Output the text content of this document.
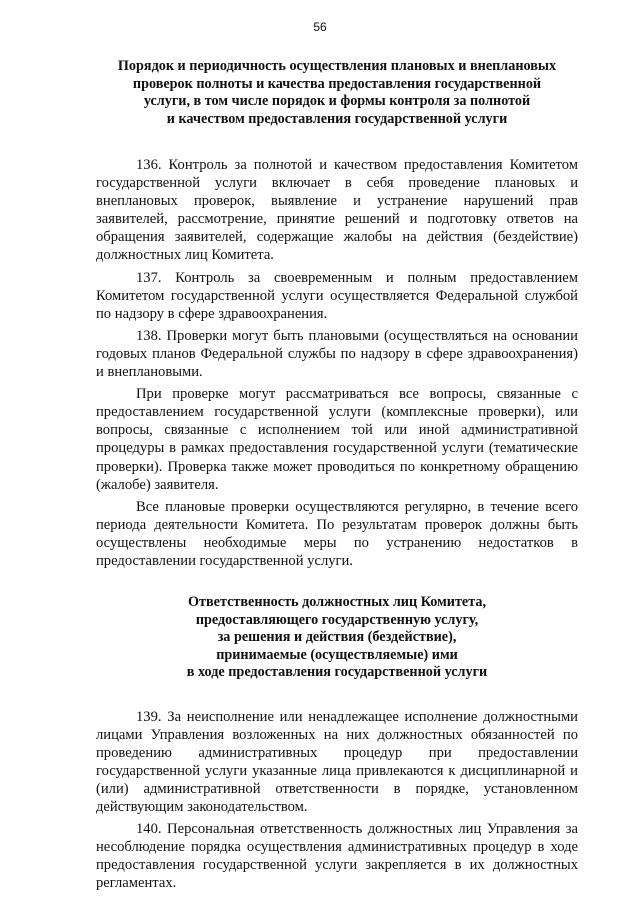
56
Порядок и периодичность осуществления плановых и внеплановых
проверок полноты и качества предоставления государственной
услуги, в том числе порядок и формы контроля за полнотой
и качеством предоставления государственной услуги

136. Контроль за полнотой и качеством предоставления Комитетом государственной услуги включает в себя проведение плановых и внеплановых проверок, выявление и устранение нарушений прав заявителей, рассмотрение, принятие решений и подготовку ответов на обращения заявителей, содержащие жалобы на действия (бездействие) должностных лиц Комитета.

137. Контроль за своевременным и полным предоставлением Комитетом государственной услуги осуществляется Федеральной службой по надзору в сфере здравоохранения.

138. Проверки могут быть плановыми (осуществляться на основании годовых планов Федеральной службы по надзору в сфере здравоохранения) и внеплановыми.

При проверке могут рассматриваться все вопросы, связанные с предоставлением государственной услуги (комплексные проверки), или вопросы, связанные с исполнением той или иной административной процедуры в рамках предоставления государственной услуги (тематические проверки). Проверка также может проводиться по конкретному обращению (жалобе) заявителя.

Все плановые проверки осуществляются регулярно, в течение всего периода деятельности Комитета. По результатам проверок должны быть осуществлены необходимые меры по устранению недостатков в предоставлении государственной услуги.

Ответственность должностных лиц Комитета,
предоставляющего государственную услугу,
за решения и действия (бездействие),
принимаемые (осуществляемые) ими
в ходе предоставления государственной услуги

139. За неисполнение или ненадлежащее исполнение должностными лицами Управления возложенных на них должностных обязанностей по проведению административных процедур при предоставлении государственной услуги указанные лица привлекаются к дисциплинарной и (или) административной ответственности в порядке, установленном действующим законодательством.

140. Персональная ответственность должностных лиц Управления за несоблюдение порядка осуществления административных процедур в ходе предоставления государственной услуги закрепляется в их должностных регламентах.
